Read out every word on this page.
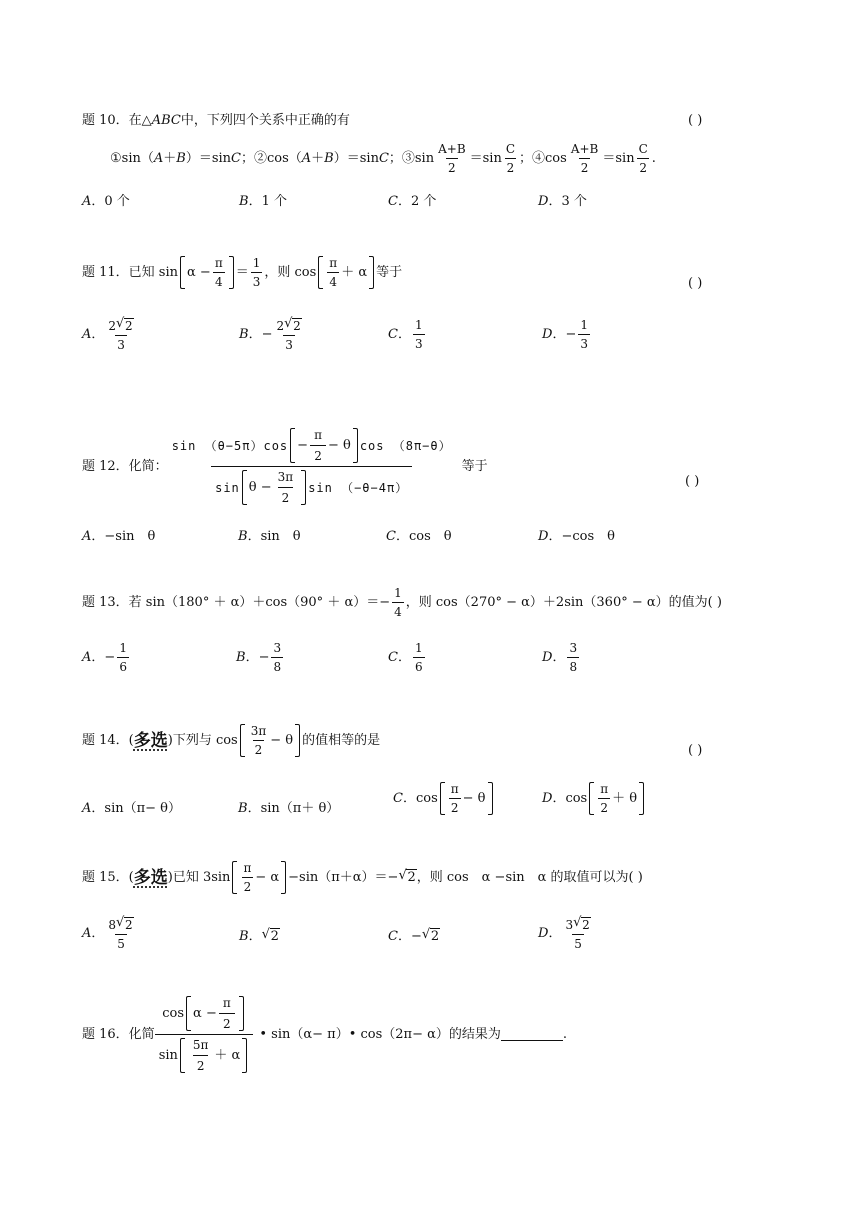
题 10．在△ABC中，下列四个关系中正确的有	( )
①sin（ A ＋ B ）＝sin C ；②cos（ A ＋ B ）＝sin C ；③sin $\frac{A+B}{2} =\sin \frac{C}{2}$ ；④cos $\frac{A+B}{2} =\sin \frac{C}{2}$ .
A．0 个	B．1 个	C．2 个	D．3 个
题 11．已知 $\sin \alpha - \frac{\pi}{4} = \frac{1}{3}$ ，则 $\cos \frac{\pi}{4} + \alpha$ 等于
( )
A ． $\frac{2 √ 2}{3}$	B ． − $\frac{2 √ 2}{3}$	C ． $\frac{1}{3}$	D ． − $\frac{1}{3}$
题 12．化简：
$\sin (\theta-5\pi)\cos - \frac{\pi}{2} - \theta$ cos （8π−θ）
$\sin \theta - \frac{3\pi}{2}$ sin （−θ−4π）
等于
( )
A．−sin　θ	B．sin　θ	C．cos　θ	D．−cos　θ
题 13．若 $\sin(180^\circ + \alpha)+\cos(90^\circ + \alpha)=- \frac{1}{4}$ ，则 cos（270° − α）＋2sin（360° − α）的值为( )
A ． − $\frac{1}{6}$	B ． − $\frac{3}{8}$	C ． $\frac{1}{6}$	D ． $\frac{3}{8}$
题 14．( 多选 )下列与 $\cos \frac{3\pi}{2} - \theta$ 的值相等的是
( )
A．sin（π− θ）	B．sin（π＋ θ）
C ． $\cos \frac{\pi}{2} - \theta$	D ． $\cos \frac{\pi}{2} + \theta$
题 15．( 多选 )已知 $3\sin \frac{\pi}{2} - \alpha -\sin(\pi+\alpha)=-$ √ 2 ，则 cos　α −sin　α 的取值可以为( )
A ． $\frac{8 √ 2}{5}$	B ． √ 2	C ． − √ 2	D ． $\frac{3 √ 2}{5}$
题 16．化简 $\frac{\cos \alpha - \frac{\pi}{2}}{\sin \frac{5\pi}{2} + \alpha}$ • sin（α− π）• cos（2π− α）的结果为	.
